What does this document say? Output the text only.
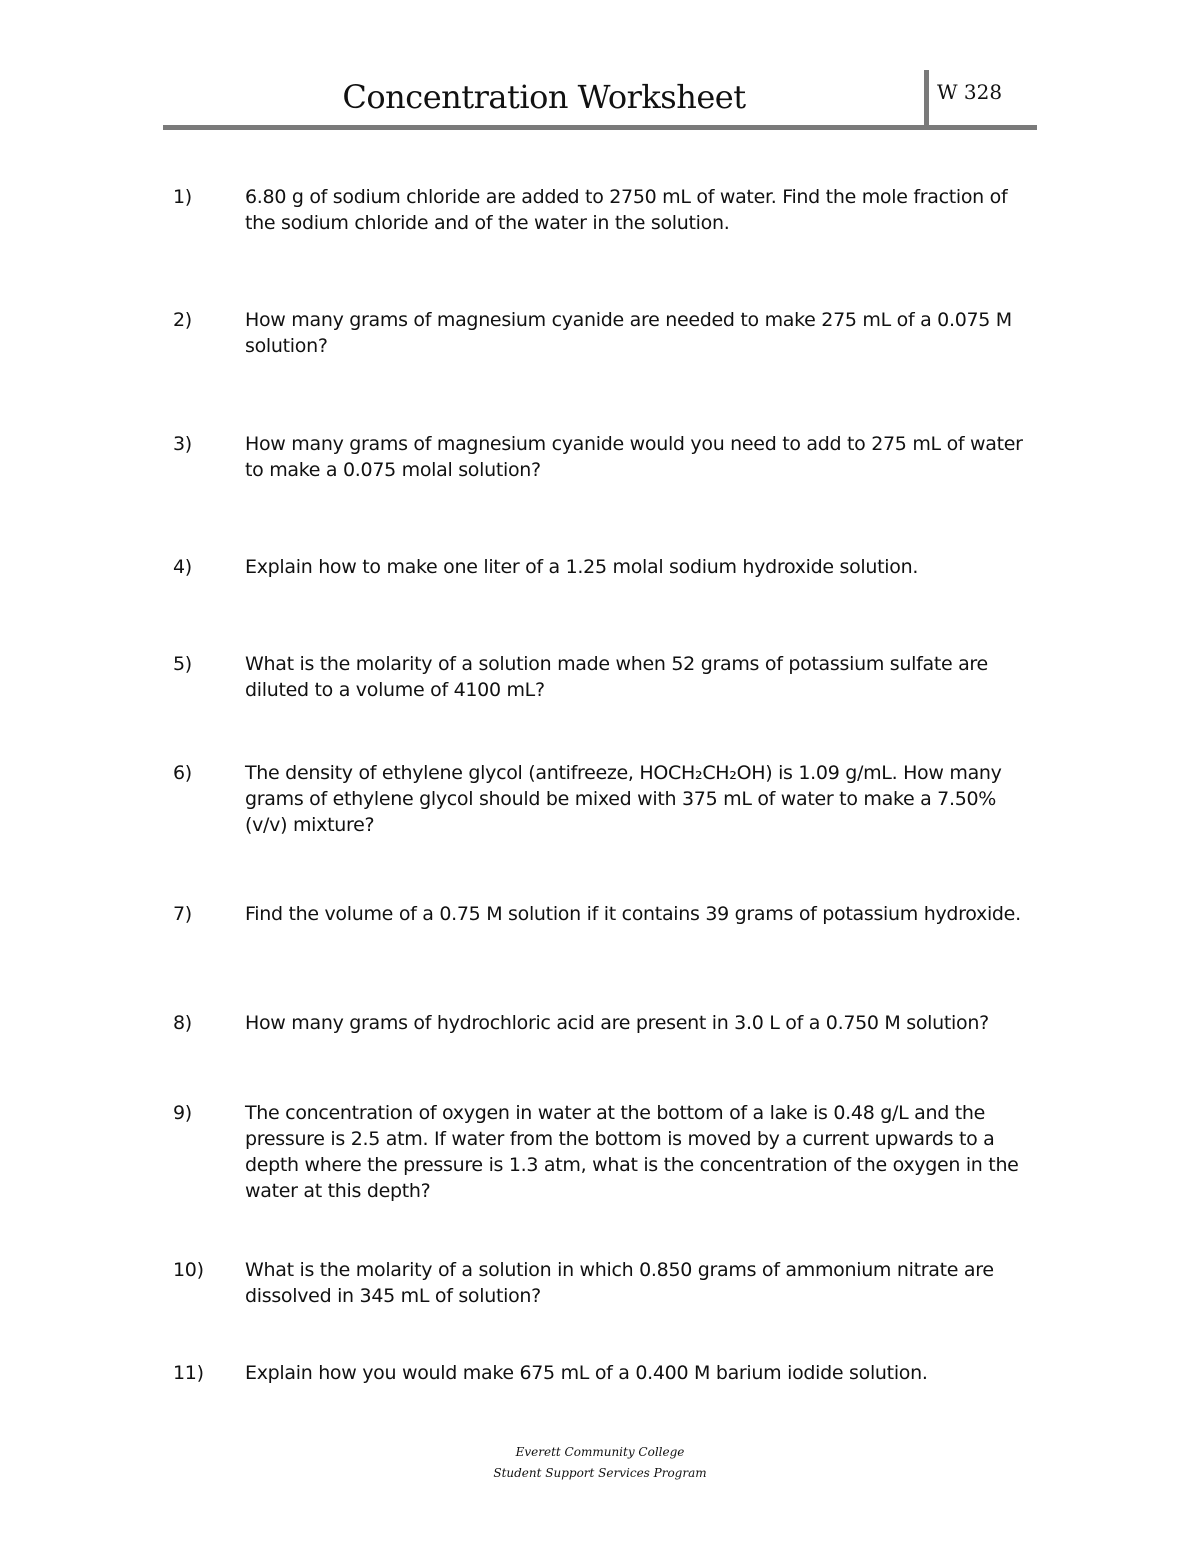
Concentration Worksheet	W 328
1)	6.80 g of sodium chloride are added to 2750 mL of water. Find the mole fraction of the sodium chloride and of the water in the solution.
2)	How many grams of magnesium cyanide are needed to make 275 mL of a 0.075 M solution?
3)	How many grams of magnesium cyanide would you need to add to 275 mL of water to make a 0.075 molal solution?
4)	Explain how to make one liter of a 1.25 molal sodium hydroxide solution.
5)	What is the molarity of a solution made when 52 grams of potassium sulfate are diluted to a volume of 4100 mL?
6)	The density of ethylene glycol (antifreeze, HOCH₂CH₂OH) is 1.09 g/mL. How many grams of ethylene glycol should be mixed with 375 mL of water to make a 7.50% (v/v) mixture?
7)	Find the volume of a 0.75 M solution if it contains 39 grams of potassium hydroxide.
8)	How many grams of hydrochloric acid are present in 3.0 L of a 0.750 M solution?
9)	The concentration of oxygen in water at the bottom of a lake is 0.48 g/L and the pressure is 2.5 atm. If water from the bottom is moved by a current upwards to a depth where the pressure is 1.3 atm, what is the concentration of the oxygen in the water at this depth?
10)	What is the molarity of a solution in which 0.850 grams of ammonium nitrate are dissolved in 345 mL of solution?
11)	Explain how you would make 675 mL of a 0.400 M barium iodide solution.
Everett Community College
Student Support Services Program
